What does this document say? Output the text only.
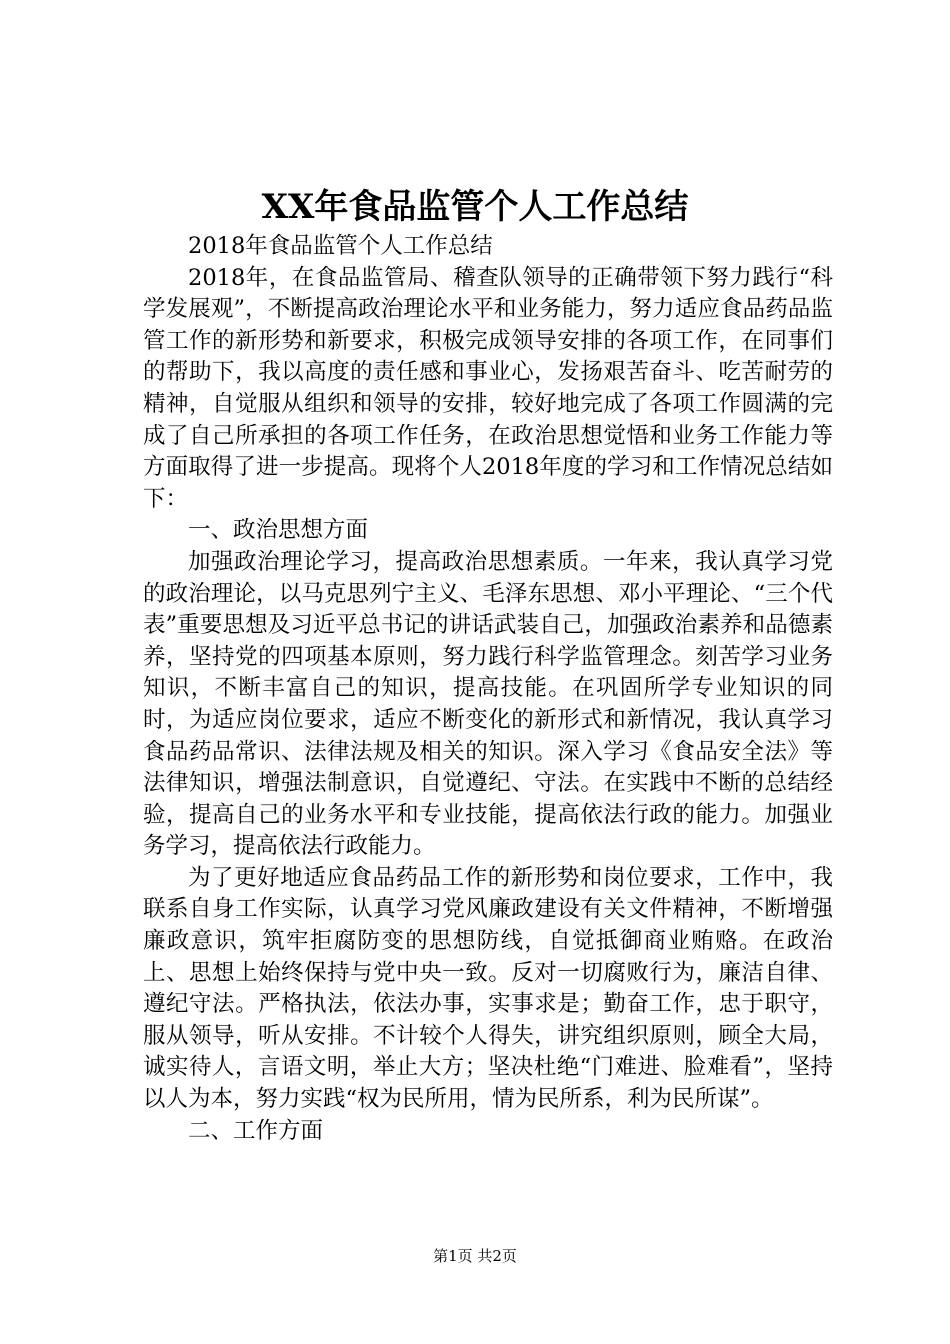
XX年食品监管个人工作总结

2018年食品监管个人工作总结

2018年，在食品监管局、稽查队领导的正确带领下努力践行“科学发展观”，不断提高政治理论水平和业务能力，努力适应食品药品监管工作的新形势和新要求，积极完成领导安排的各项工作，在同事们的帮助下，我以高度的责任感和事业心，发扬艰苦奋斗、吃苦耐劳的精神，自觉服从组织和领导的安排，较好地完成了各项工作圆满的完成了自己所承担的各项工作任务，在政治思想觉悟和业务工作能力等方面取得了进一步提高。现将个人2018年度的学习和工作情况总结如下：

一、政治思想方面

加强政治理论学习，提高政治思想素质。一年来，我认真学习党的政治理论，以马克思列宁主义、毛泽东思想、邓小平理论、“三个代表”重要思想及习近平总书记的讲话武装自己，加强政治素养和品德素养，坚持党的四项基本原则，努力践行科学监管理念。刻苦学习业务知识，不断丰富自己的知识，提高技能。在巩固所学专业知识的同时，为适应岗位要求，适应不断变化的新形式和新情况，我认真学习食品药品常识、法律法规及相关的知识。深入学习《食品安全法》等法律知识，增强法制意识，自觉遵纪、守法。在实践中不断的总结经验，提高自己的业务水平和专业技能，提高依法行政的能力。加强业务学习，提高依法行政能力。

为了更好地适应食品药品工作的新形势和岗位要求，工作中，我联系自身工作实际，认真学习党风廉政建设有关文件精神，不断增强廉政意识，筑牢拒腐防变的思想防线，自觉抵御商业贿赂。在政治上、思想上始终保持与党中央一致。反对一切腐败行为，廉洁自律、遵纪守法。严格执法，依法办事，实事求是；勤奋工作，忠于职守，服从领导，听从安排。不计较个人得失，讲究组织原则，顾全大局，诚实待人，言语文明，举止大方；坚决杜绝“门难进、脸难看”，坚持以人为本，努力实践“权为民所用，情为民所系，利为民所谋”。

二、工作方面

第1页 共2页
